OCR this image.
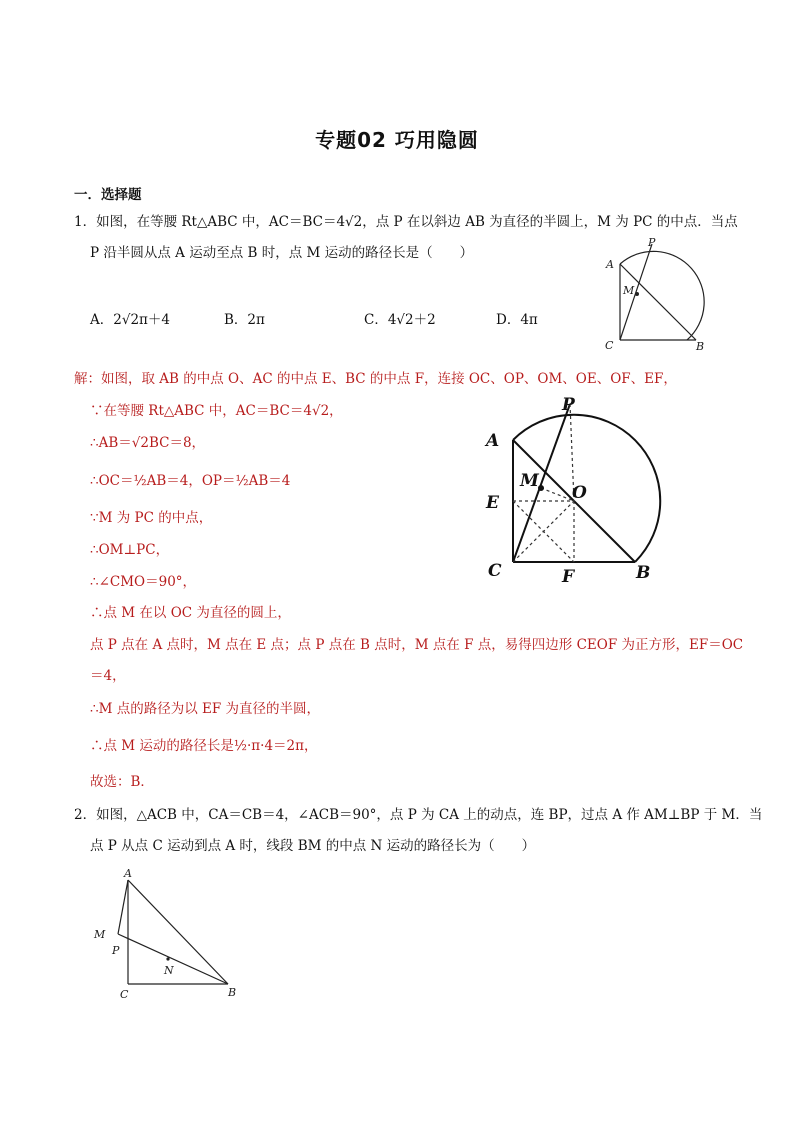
专题02 巧用隐圆
一．选择题
1．如图，在等腰 Rt△ABC 中，AC＝BC＝4√2，点 P 在以斜边 AB 为直径的半圆上，M 为 PC 的中点．当点
P 沿半圆从点 A 运动至点 B 时，点 M 运动的路径长是（　　）
A．2√2π＋4	B．2π	C．4√2＋2	D．4π
A
P
M
C	B
解：如图，取 AB 的中点 O、AC 的中点 E、BC 的中点 F，连接 OC、OP、OM、OE、OF、EF，
∵在等腰 Rt△ABC 中，AC＝BC＝4√2，
∴AB＝√2BC＝8，
∴OC＝½AB＝4，OP＝½AB＝4
∵M 为 PC 的中点，
∴OM⊥PC，
∴∠CMO＝90°，
∴点 M 在以 OC 为直径的圆上，
点 P 点在 A 点时，M 点在 E 点；点 P 点在 B 点时，M 点在 F 点，易得四边形 CEOF 为正方形，EF＝OC
＝4，
∴M 点的路径为以 EF 为直径的半圆，
∴点 M 运动的路径长是½·π·4＝2π，
故选：B．
P
A
M
O
E
C	F	B
2．如图，△ACB 中，CA＝CB＝4，∠ACB＝90°，点 P 为 CA 上的动点，连 BP，过点 A 作 AM⊥BP 于 M．当
点 P 从点 C 运动到点 A 时，线段 BM 的中点 N 运动的路径长为（　　）
A
M
P
N
C	B
